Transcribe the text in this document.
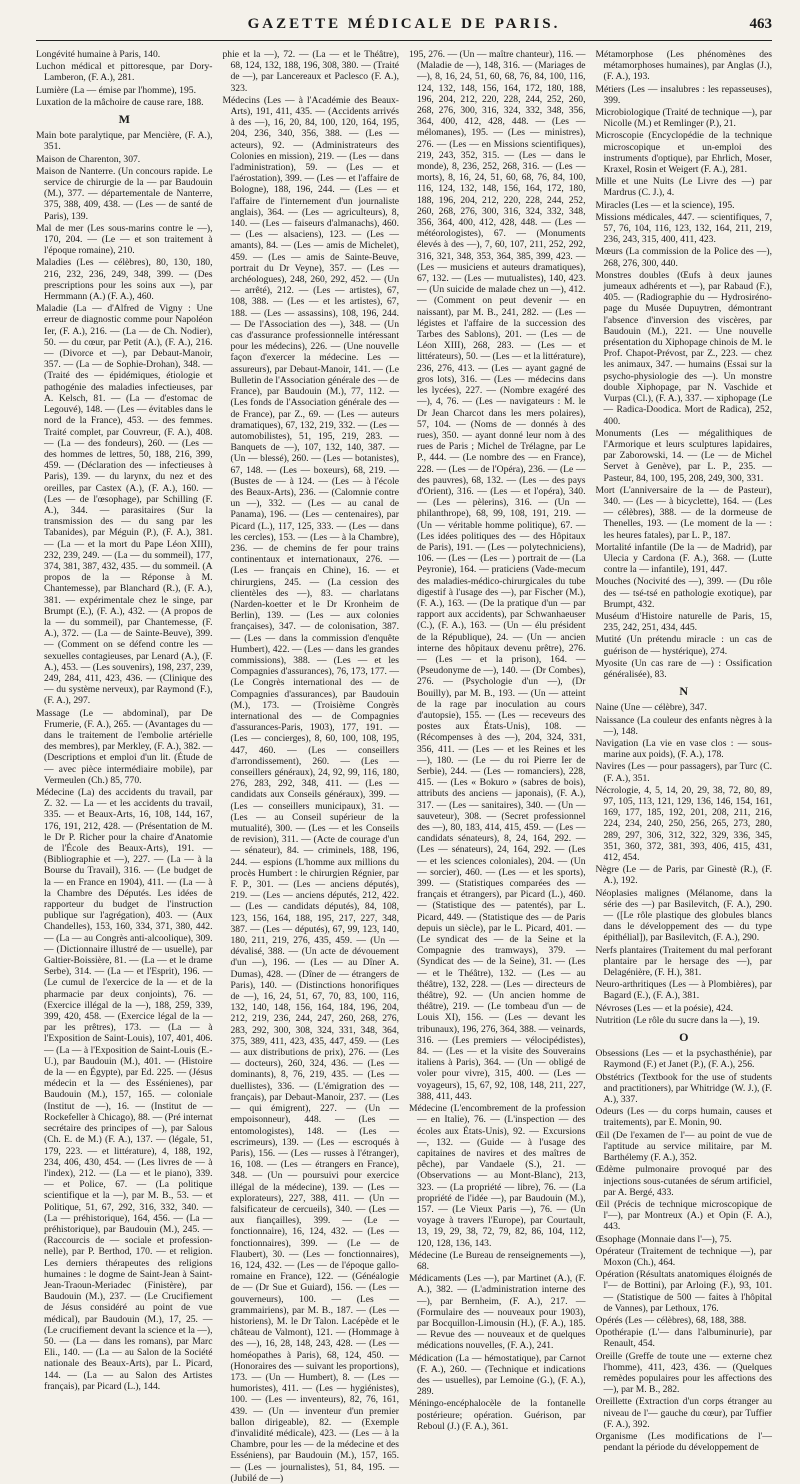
GAZETTE MÉDICALE DE PARIS.	463
Longévité humaine à Paris, 140.
Luchon médical et pittoresque, par Dory-Lamberon, (F. A.), 281.
Lumière (La — émise par l'homme), 195.
Luxation de la mâchoire de cause rare, 188.
M
Main bote paralytique, par Mencière, (F. A.), 351.
Maison de Charenton, 307.
Maison de Nanterre. (Un concours rapide. Le service de chirurgie de la — par Baudouin (M.), 377. — départementale de Nanterre, 375, 388, 409, 438. — (Les — de santé de Paris), 139.
Mal de mer (Les sous-marins contre le —), 170, 204. — (Le — et son traitement à l'époque romaine), 210.
Maladies (Les — célèbres), 80, 130, 180, 216, 232, 236, 249, 348, 399. — (Des prescriptions pour les soins aux —), par Hermmann (A.) (F. A.), 460.
Maladie (La — d'Alfred de Vigny : Une erreur de diagnostic comme pour Napoléon Ier, (F. A.), 216. — (La — de Ch. Nodier), 50. — du cœur, par Petit (A.), (F. A.), 216. — (Divorce et —), par Debaut-Manoir, 357. — (La — de Sophie-Drohan), 348. — (Traité des — épidémiques, étiologie et pathogénie des maladies infectieuses, par A. Kelsch, 81. — (La — d'estomac de Legouvé), 148. — (Les — évitables dans le nord de la France), 453. — des femmes. Traité complet, par Couvreur, (F. A.), 408. — (La — des fondeurs), 260. — (Les — des hommes de lettres, 50, 188, 216, 399, 459. — (Déclaration des — infectieuses à Paris), 139. — du larynx, du nez et des oreilles, par Castex (A.), (F. A.), 160. — (Les — de l'œsophage), par Schilling (F. A.), 344. — parasitaires (Sur la transmission des — du sang par les Tabanides), par Méguin (P.), (F. A.), 381. — (La — et la mort du Pape Léon XIII), 232, 239, 249. — (La — du sommeil), 177, 374, 381, 387, 432, 435. — du sommeil. (A propos de la — Réponse à M. Chantemesse), par Blanchard (R.), (F. A.), 381. — expérimentale chez le singe, par Brumpt (E.), (F. A.), 432. — (A propos de la — du sommeil), par Chantemesse, (F. A.), 372. — (La — de Sainte-Beuve), 399. — (Comment on se défend contre les — sexuelles contagieuses, par Lenard (A.), (F. A.), 453. — (Les souvenirs), 198, 237, 239, 249, 284, 411, 423, 436. — (Clinique des — du système nerveux), par Raymond (F.), (F. A.), 297.
Massage (Le — abdominal), par De Frumerie, (F. A.), 265. — (Avantages du — dans le traitement de l'embolie artérielle des membres), par Merkley, (F. A.), 382. — (Descriptions et emploi d'un lit. (Étude de — avec pièce intermédiaire mobile), par Vermeulen (Ch.) 85, 770.
Médecine (La) des accidents du travail, par Z. 32. — La — et les accidents du travail, 335. — et Beaux-Arts, 16, 108, 144, 167, 176, 191, 212, 428. — (Présentation de M. le Dr P. Richer pour la chaire d'Anatomie de l'École des Beaux-Arts), 191. — (Bibliographie et —), 227. — (La — à la Bourse du Travail), 316. — (Le budget de la — en France en 1904), 411. — (La — à la Chambre des Députés. Les idées de rapporteur du budget de l'instruction publique sur l'agrégation), 403. — (Aux Chandelles), 153, 160, 334, 371, 380, 442. — (La — au Congrès anti-alcoolique), 309. — (Dictionnaire illustré de — usuelle), par Galtier-Boissière, 81. — (La — et le drame Serbe), 314. — (La — et l'Esprit), 196. — (Le cumul de l'exercice de la — et de la pharmacie par deux conjoints), 76. — (Exercice illégal de la —), 188, 259, 339, 399, 420, 458. — (Exercice légal de la — par les prêtres), 173. — (La — à l'Exposition de Saint-Louis), 107, 401, 406. — (La — à l'Exposition de Saint-Louis (E.-U.), par Baudouin (M.), 401. — (Histoire de la — en Égypte), par Ed. 225. — (Jésus médecin et la — des Essénienes), par Baudouin (M.), 157, 165. — coloniale (Institut de —), 16. — (Institut de — Rockefeller à Chicago), 88. — (Pré internat secrétaire des principes of —), par Salous (Ch. E. de M.) (F. A.), 137. — (légale, 51, 179, 223. — et littérature), 4, 188, 192, 234, 406, 430, 454. — (Les livres de — à l'index), 212. — (La — et le piano), 339. — et Police, 67. — (La politique scientifique et la —), par M. B., 53. — et Politique, 51, 67, 292, 316, 332, 340. — (La — préhistorique), 164, 456. — (La — préhistorique), par Baudouin (M.), 245. — (Raccourcis de — sociale et profession- nelle), par P. Berthod, 170. — et religion. Les derniers thérapeutes des religions humaines : le dogme de Saint-Jean à Saint-Jean-Traoun-Meriadec (Finistère), par Baudouin (M.), 237. — (Le Crucifiement de Jésus considéré au point de vue médical), par Baudouin (M.), 17, 25. — (Le crucifiement devant la science et la —), 50. — (La — dans les romans), par Marc Eli., 140. — (La — au Salon de la Société nationale des Beaux-Arts), par L. Picard, 144. — (La — au Salon des Artistes français), par Picard (L.), 144.
phie et la —), 72. — (La — et le Théâtre), 68, 124, 132, 188, 196, 308, 380. — (Traité de —), par Lancereaux et Paclesco (F. A.), 323.
Médecins (Les — à l'Académie des Beaux-Arts), 191, 411, 435. — (Accidents arrivés à des —), 16, 20, 84, 100, 120, 164, 195, 204, 236, 340, 356, 388. — (Les — acteurs), 92. — (Administrateurs des Colonies en mission), 219. — (Les — dans l'administration), 59. — (Les — et l'aérostation), 399. — (Les — et l'affaire de Bologne), 188, 196, 244. — (Les — et l'affaire de l'internement d'un journaliste anglais), 364. — (Les — agriculteurs), 8, 140. — (Les — faiseurs d'almanachs), 460. — (Les — alsaciens), 123. — (Les — amants), 84. — (Les — amis de Michelet), 459. — (Les — amis de Sainte-Beuve, portrait du Dr Veyne), 357. — (Les — archéologues), 248, 260, 292, 452. — (Un — arrêté), 212. — (Les — artistes), 67, 108, 388. — (Les — et les artistes), 67, 188. — (Les — assassins), 108, 196, 244. — De l'Association des —), 348. — (Un cas d'assurance professionnelle intéressant pour les médecins), 226. — (Une nouvelle façon d'exercer la médecine. Les — assureurs), par Debaut-Manoir, 141. — (Le Bulletin de l'Association générale des — de France), par Baudouin (M.), 77, 112. — (Les fonds de l'Association générale des — de France), par Z., 69. — (Les — auteurs dramatiques), 67, 132, 219, 332. — (Les — automobilistes), 51, 195, 219, 283. — Banquets de —), 107, 132, 140, 387. — (Un — blessé), 260. — (Les — botanistes), 67, 148. — (Les — boxeurs), 68, 219. — (Bustes de — à 124. — (Les — à l'école des Beaux-Arts), 236. — (Calomnie contre un —), 332. — (Les — au canal de Panama), 196. — (Les — centenaires), par Picard (L.), 117, 125, 333. — (Les — dans les cercles), 153. — (Les — à la Chambre), 236. — de chemins de fer pour trains continentaux et internationaux, 276. — (Les — français en Chine), 16. — et chirurgiens, 245. — (La cession des clientèles des —), 83. — charlatans (Narden-koetter et le Dr Kronheim de Berlin), 139. — (Les — aux colonies françaises), 347. — de colonisation, 387. — (Les — dans la commission d'enquête Humbert), 422. — (Les — dans les grandes commissions), 388. — (Les — et les Compagnies d'assurances), 76, 173, 177. — (Le Congrès international des — de Compagnies d'assurances), par Baudouin (M.), 173. — (Troisième Congrès international des — de Compagnies d'assurances-Paris, 1903), 177, 191. — (Les — concierges), 8, 60, 100, 108, 195, 447, 460. — (Les — conseillers d'arrondissement), 260. — (Les — conseillers généraux), 24, 92, 99, 116, 180, 276, 283, 292, 348, 411. — (Les — candidats aux Conseils généraux), 399. — (Les — conseillers municipaux), 31. — (Les — au Conseil supérieur de la mutualité), 300. — (Les — et les Conseils de revision), 311. — (Acte de courage d'un — sénateur), 84. — criminels, 188, 196, 244. — espions (L'homme aux millions du procès Humbert : le chirurgien Régnier, par F. P., 301. — (Les — anciens députés), 219. — (Les — anciens députés, 212, 422. — (Les — candidats députés), 84, 108, 123, 156, 164, 188, 195, 217, 227, 348, 387. — (Les — députés), 67, 99, 123, 140, 180, 211, 219, 276, 435, 459. — (Un — dévalisé, 388. — (Un acte de dévouement d'un —), 196. — (Les — au Dîner A. Dumas), 428. — (Dîner de — étrangers de Paris), 140. — (Distinctions honorifiques de —), 16, 24, 51, 67, 70, 83, 100, 116, 132, 140, 148, 156, 164, 184, 196, 204, 212, 219, 236, 244, 247, 260, 268, 276, 283, 292, 300, 308, 324, 331, 348, 364, 375, 389, 411, 423, 435, 447, 459. — (Les — aux distributions de prix), 276. — (Les — docteurs), 260, 324, 436. — (Les — dominants), 8, 76, 219, 435. — (Les — duellistes), 336. — (L'émigration des — français), par Debaut-Manoir, 237. — (Les — qui émigrent), 227. — (Un — empoisonneur), 448. — (Les — entomologistes), 148. — (Les — escrimeurs), 139. — (Les — escroqués à Paris), 156. — (Les — russes à l'étranger), 16, 108. — (Les — étrangers en France), 348. — (Un — poursuivi pour exercice illégal de la médecine), 139. — (Les — explorateurs), 227, 388, 411. — (Un — falsificateur de cercueils), 340. — (Les — aux fiançailles), 399. — (Le — fonctionnaire), 16, 124, 432. — (Les — fonctionnaires), 399. — (Le — de Flaubert), 30. — (Les — fonctionnaires), 16, 124, 432. — (Les — de l'époque gallo-romaine en France), 122. — (Généalogie de — (Dr Sue et Guiard), 156. — (Les — gouverneurs), 100. — (Les — grammairiens), par M. B., 187. — (Les — historiens), M. le Dr Talon. Lacépède et le château de Valmont), 121. — (Hommage à des —), 16, 28, 148, 243, 428. — (Les — homéopathes à Paris), 68, 124, 450. — (Honoraires des — suivant les proportions), 173. — (Un — Humbert), 8. — (Les — humoristes), 411. — (Les — hygiénistes), 100. — (Les — inventeurs), 82, 76, 161, 439. — (Un — inventeur d'un premier ballon dirigeable), 82. — (Exemple d'invalidité médicale), 423. — (Les — à la Chambre, pour les — de la médecine et des Esséniens), par Baudouin (M.), 157, 165. — (Les — journalistes), 51, 84, 195. — (Jubilé de —)
195, 276. — (Un — maître chanteur), 116. — (Maladie de —), 148, 316. — (Mariages de —), 8, 16, 24, 51, 60, 68, 76, 84, 100, 116, 124, 132, 148, 156, 164, 172, 180, 188, 196, 204, 212, 220, 228, 244, 252, 260, 268, 276, 300, 316, 324, 332, 348, 356, 364, 400, 412, 428, 448. — (Les — mélomanes), 195. — (Les — ministres), 276. — (Les — en Missions scientifiques), 219, 243, 352, 315. — (Les — dans le monde), 8, 236, 252, 268, 316. — (Les — morts), 8, 16, 24, 51, 60, 68, 76, 84, 100, 116, 124, 132, 148, 156, 164, 172, 180, 188, 196, 204, 212, 220, 228, 244, 252, 260, 268, 276, 300, 316, 324, 332, 348, 356, 364, 400, 412, 428, 448. — (Les — météorologistes), 67. — (Monuments élevés à des —), 7, 60, 107, 211, 252, 292, 316, 321, 348, 353, 364, 385, 399, 423. — (Les — musiciens et auteurs dramatiques), 67, 132. — (Les — mutualistes), 140, 423. — (Un suicide de malade chez un —), 412. — (Comment on peut devenir — en naissant), par M. B., 241, 282. — (Les — légistes et l'affaire de la succession des Tarbes des Sablons), 201. — (Les — de Léon XIII), 268, 283. — (Les — et littérateurs), 50. — (Les — et la littérature), 236, 276, 413. — (Les — ayant gagné de gros lots), 316. — (Les — médecins dans les lycées), 227. — (Nombre exagéré des —), 4, 76. — (Les — navigateurs : M. le Dr Jean Charcot dans les mers polaires), 57, 104. — (Noms de — donnés à des rues), 350. — ayant donné leur nom à des rues de Paris ; Michel de Trélagne, par Le P., 444. — (Le nombre des — en France), 228. — (Les — de l'Opéra), 236. — (Le — des pauvres), 68, 132. — (Les — des pays d'Orient), 316. — (Les — et l'opéra), 340. — (Les — pèlerins), 316. — (Un — philanthrope), 68, 99, 108, 191, 219. — (Un — véritable homme politique), 67. — (Les idées politiques des — des Hôpitaux de Paris), 191. — (Les — polytechniciens), 106. — (Les — (Les — ) portrait de — (La Peyronie), 164. — praticiens (Vade-mecum des maladies-médico-chirurgicales du tube digestif à l'usage des —), par Fischer (M.), (F. A.), 163. — (De la pratique d'un — par rapport aux accidents), par Schwanhaeuser (C.), (F. A.), 163. — (Un — élu président de la République), 24. — (Un — ancien interne des hôpitaux devenu prêtre), 276. — (Les — et la prison), 164. — (Pseudonyme de —), 140. — (Dr Combes), 276. — (Psychologie d'un —), (Dr Bouilly), par M. B., 193. — (Un — atteint de la rage par inoculation au cours d'autopsie), 155. — (Les — receveurs des postes aux États-Unis), 108. — (Récompenses à des —), 204, 324, 331, 356, 411. — (Les — et les Reines et les —), 180. — (Le — du roi Pierre Ier de Serbie), 244. — (Les — romanciers), 228, 415. — (Les « Bokuro » (sabres de bois), attributs des anciens — japonais), (F. A.), 317. — (Les — sanitaires), 340. — (Un — sauveteur), 308. — (Secret professionnel des —), 80, 183, 414, 415, 459. — (Les — candidats sénateurs), 8, 24, 164, 292. — (Les — sénateurs), 24, 164, 292. — (Les — et les sciences coloniales), 204. — (Un — sorcier), 460. — (Les — et les sports), 399. — (Statistiques comparées des — français et étrangers), par Picard (L.), 460. — (Statistique des — patentés), par L. Picard, 449. — (Statistique des — de Paris depuis un siècle), par le L. Picard, 401. — (Le syndicat des — de la Seine et la Compagnie des tramways), 379. — (Syndicat des — de la Seine), 31. — (Les — et le Théâtre), 132. — (Les — au théâtre), 132, 228. — (Les — directeurs de théâtre), 92. — (Un ancien homme de théâtre), 219. — (Le tombeau d'un — de Louis XI), 156. — (Les — devant les tribunaux), 196, 276, 364, 388. — veinards, 316. — (Les premiers — vélocipédistes), 84. — (Les — et la visite des Souverains italiens à Paris), 364. — (Un — obligé de voler pour vivre), 315, 400. — (Les — voyageurs), 15, 67, 92, 108, 148, 211, 227, 388, 411, 443.
Médecine (L'encombrement de la profession — en Italie), 76. — (L'inspection — des écoles aux États-Unis), 92. — Excursions —, 132. — (Guide — à l'usage des capitaines de navires et des maîtres de pêche), par Vandaele (S.), 21. — (Observations — au Mont-Blanc), 213, 323. — (La propriété — libre), 76. — (La propriété de l'idée —), par Baudouin (M.), 157. — (Le Vieux Paris —), 76. — (Un voyage à travers l'Europe), par Courtault, 13, 19, 29, 38, 72, 79, 82, 86, 104, 112, 120, 128, 136, 143.
Médecine (Le Bureau de renseignements —), 68.
Médicaments (Les —), par Martinet (A.), (F. A.), 382. — (L'administration interne des —), par Bernheim, (F. A.), 217. — (Formulaire des — nouveaux pour 1903), par Bocquillon-Limousin (H.), (F. A.), 185. — Revue des — nouveaux et de quelques médications nouvelles, (F. A.), 241.
Médication (La — hémostatique), par Carnot (F. A.), 260. — (Technique et indications des — usuelles), par Lemoine (G.), (F. A.), 289.
Méningo-encéphalocèle de la fontanelle postérieure; opération. Guérison, par Reboul (J.) (F. A.), 361.
Métamorphose (Les phénomènes des métamorphoses humaines), par Anglas (J.), (F. A.), 193.
Métiers (Les — insalubres : les repasseuses), 399.
Microbiologique (Traité de technique —), par Nicolle (M.) et Remlinger (P.), 21.
Microscopie (Encyclopédie de la technique microscopique et un-emploi des instruments d'optique), par Ehrlich, Moser, Kraxel, Rosin et Weigert (F. A.), 281.
Mille et une Nuits (Le Livre des —) par Mardrus (C. J.), 4.
Miracles (Les — et la science), 195.
Missions médicales, 447. — scientifiques, 7, 57, 76, 104, 116, 123, 132, 164, 211, 219, 236, 243, 315, 400, 411, 423.
Mœurs (La commission de la Police des —), 268, 276, 300, 440.
Monstres doubles (Œufs à deux jaunes jumeaux adhérents et —), par Rabaud (F.), 405. — (Radiographie du — Hydrosiréno-page du Musée Dupuytren, démontrant l'absence d'inversion des viscères, par Baudouin (M.), 221. — Une nouvelle présentation du Xiphopage chinois de M. le Prof. Chapot-Prévost, par Z., 223. — chez les animaux, 347. — humains (Essai sur la psycho-physiologie des —). Un monstre double Xiphopage, par N. Vaschide et Vurpas (Cl.), (F. A.), 337. — xiphopage (Le — Radica-Doodica. Mort de Radica), 252, 400.
Monuments (Les — mégalithiques de l'Armorique et leurs sculptures lapidaires, par Zaborowski, 14. — (Le — de Michel Servet à Genève), par L. P., 235. — Pasteur, 84, 100, 195, 208, 249, 300, 331.
Mort (L'anniversaire de la — de Pasteur), 340. — (Les — à bicyclette), 164. — (Les — célèbres), 388. — de la dormeuse de Thenelles, 193. — (Le moment de la — : les heures fatales), par L. P., 187.
Mortalité infantile (De la — de Madrid), par Ulecia y Cardona (F. A.), 368. — (Lutte contre la — infantile), 191, 447.
Mouches (Nocivité des —), 399. — (Du rôle des — tsé-tsé en pathologie exotique), par Brumpt, 432.
Muséum d'Histoire naturelle de Paris, 15, 235, 242, 251, 434, 445.
Mutité (Un prétendu miracle : un cas de guérison de — hystérique), 274.
Myosite (Un cas rare de —) : Ossification généralisée), 83.
N
Naine (Une — célèbre), 347.
Naissance (La couleur des enfants nègres à la —), 148.
Navigation (La vie en vase clos : — sous-marine aux poids), (F. A.), 178.
Navires (Les — pour passagers), par Turc (C. (F. A.), 351.
Nécrologie, 4, 5, 14, 20, 29, 38, 72, 80, 89, 97, 105, 113, 121, 129, 136, 146, 154, 161, 169, 177, 185, 192, 201, 208, 211, 216, 224, 234, 240, 250, 256, 265, 273, 280, 289, 297, 306, 312, 322, 329, 336, 345, 351, 360, 372, 381, 393, 406, 415, 431, 412, 454.
Nègre (Le — de Paris, par Ginestè (R.), (F. A.), 192.
Néoplasies malignes (Mélanome, dans la série des —) par Basilevitch, (F. A.), 290. — ([Le rôle plastique des globules blancs dans le développement des — du type épithélial]), par Basilevitch, (F. A.), 290.
Nerfs plantaires (Traitement du mal perforant plantaire par le hersage des —), par Delagénière, (F. H.), 381.
Neuro-arthritiques (Les — à Plombières), par Bagard (E.), (F. A.), 381.
Névroses (Les — et la poésie), 424.
Nutrition (Le rôle du sucre dans la —), 19.
O
Obsessions (Les — et la psychasthénie), par Raymond (F.) et Janet (P.), (F. A.), 256.
Obstétrics (Textbook for the use of students and practitioners), par Whitridge (W. J.), (F. A.), 337.
Odeurs (Les — du corps humain, causes et traitements), par E. Monin, 90.
Œil (De l'examen de l'— au point de vue de l'aptitude au service militaire, par M. Barthélemy (F. A.), 352.
Œdème pulmonaire provoqué par des injections sous-cutanées de sérum artificiel, par A. Bergé, 433.
Œil (Précis de technique microscopique de l'—), par Montreux (A.) et Opin (F. A.), 443.
Œsophage (Monnaie dans l'—), 75.
Opérateur (Traitement de technique —), par Moxon (Ch.), 464.
Opération (Résultats anatomiques éloignés de l'— de Bottini), par Arloing (F.), 93, 101. — (Statistique de 500 — faites à l'hôpital de Vannes), par Lethoux, 176.
Opérés (Les — célèbres), 68, 188, 388.
Opothérapie (L'— dans l'albuminurie), par Renault, 454.
Oreille (Greffe de toute une — externe chez l'homme), 411, 423, 436. — (Quelques remèdes populaires pour les affections des —), par M. B., 282.
Oreillette (Extraction d'un corps étranger au niveau de l'— gauche du cœur), par Tuffier (F. A.), 392.
Organisme (Les modifications de l'— pendant la période du développement de
